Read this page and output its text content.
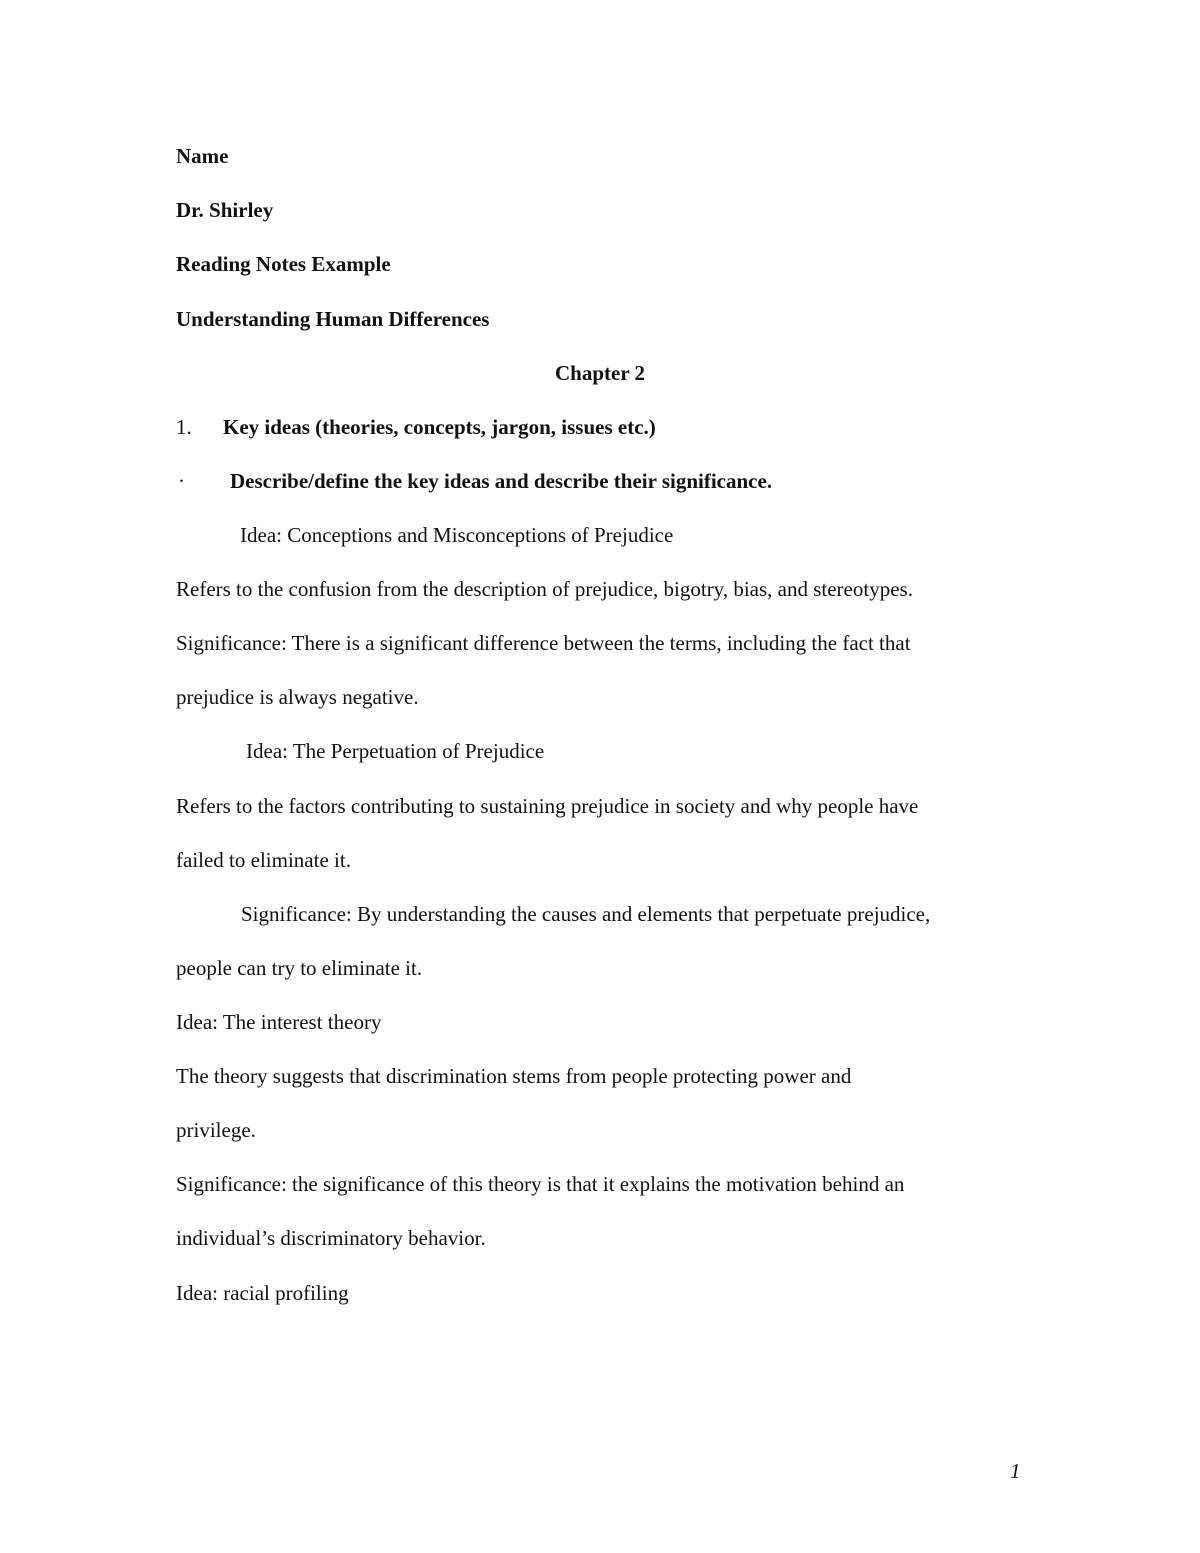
Name
Dr. Shirley
Reading Notes Example
Understanding Human Differences
Chapter 2
1. Key ideas (theories, concepts, jargon, issues etc.)
· Describe/define the key ideas and describe their significance.
Idea: Conceptions and Misconceptions of Prejudice
Refers to the confusion from the description of prejudice, bigotry, bias, and stereotypes.
Significance: There is a significant difference between the terms, including the fact that
prejudice is always negative.
Idea: The Perpetuation of Prejudice
Refers to the factors contributing to sustaining prejudice in society and why people have
failed to eliminate it.
Significance: By understanding the causes and elements that perpetuate prejudice,
people can try to eliminate it.
Idea: The interest theory
The theory suggests that discrimination stems from people protecting power and
privilege.
Significance: the significance of this theory is that it explains the motivation behind an
individual’s discriminatory behavior.
Idea: racial profiling
1
